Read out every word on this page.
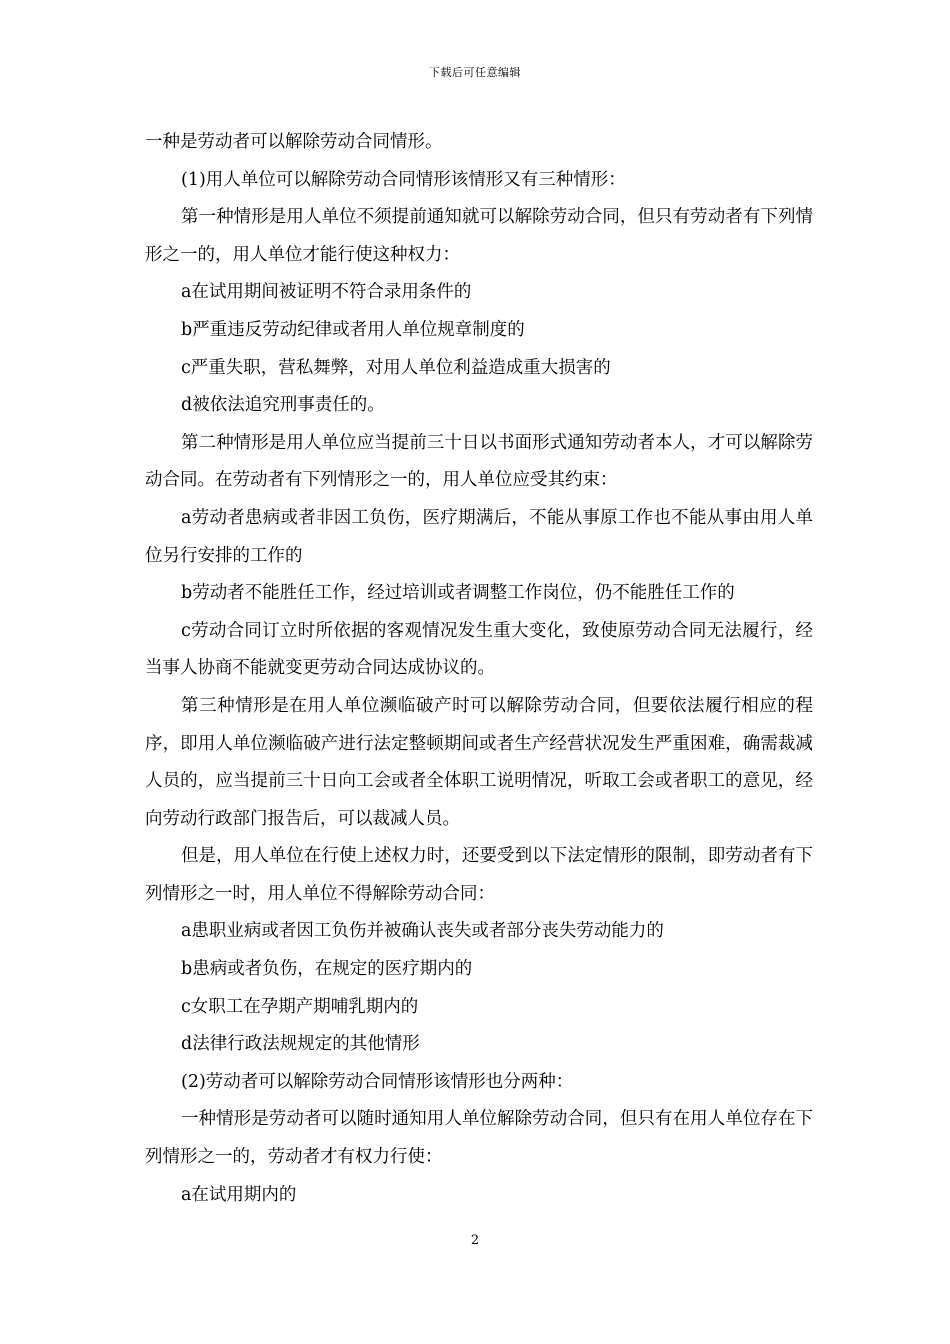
下载后可任意编辑

一种是劳动者可以解除劳动合同情形。

(1)用人单位可以解除劳动合同情形该情形又有三种情形：

第一种情形是用人单位不须提前通知就可以解除劳动合同，但只有劳动者有下列情形之一的，用人单位才能行使这种权力：

a在试用期间被证明不符合录用条件的

b严重违反劳动纪律或者用人单位规章制度的

c严重失职，营私舞弊，对用人单位利益造成重大损害的

d被依法追究刑事责任的。

第二种情形是用人单位应当提前三十日以书面形式通知劳动者本人，才可以解除劳动合同。在劳动者有下列情形之一的，用人单位应受其约束：

a劳动者患病或者非因工负伤，医疗期满后，不能从事原工作也不能从事由用人单位另行安排的工作的

b劳动者不能胜任工作，经过培训或者调整工作岗位，仍不能胜任工作的

c劳动合同订立时所依据的客观情况发生重大变化，致使原劳动合同无法履行，经当事人协商不能就变更劳动合同达成协议的。

第三种情形是在用人单位濒临破产时可以解除劳动合同，但要依法履行相应的程序，即用人单位濒临破产进行法定整顿期间或者生产经营状况发生严重困难，确需裁减人员的，应当提前三十日向工会或者全体职工说明情况，听取工会或者职工的意见，经向劳动行政部门报告后，可以裁减人员。

但是，用人单位在行使上述权力时，还要受到以下法定情形的限制，即劳动者有下列情形之一时，用人单位不得解除劳动合同：

a患职业病或者因工负伤并被确认丧失或者部分丧失劳动能力的

b患病或者负伤，在规定的医疗期内的

c女职工在孕期产期哺乳期内的

d法律行政法规规定的其他情形

(2)劳动者可以解除劳动合同情形该情形也分两种：

一种情形是劳动者可以随时通知用人单位解除劳动合同，但只有在用人单位存在下列情形之一的，劳动者才有权力行使：

a在试用期内的

2
